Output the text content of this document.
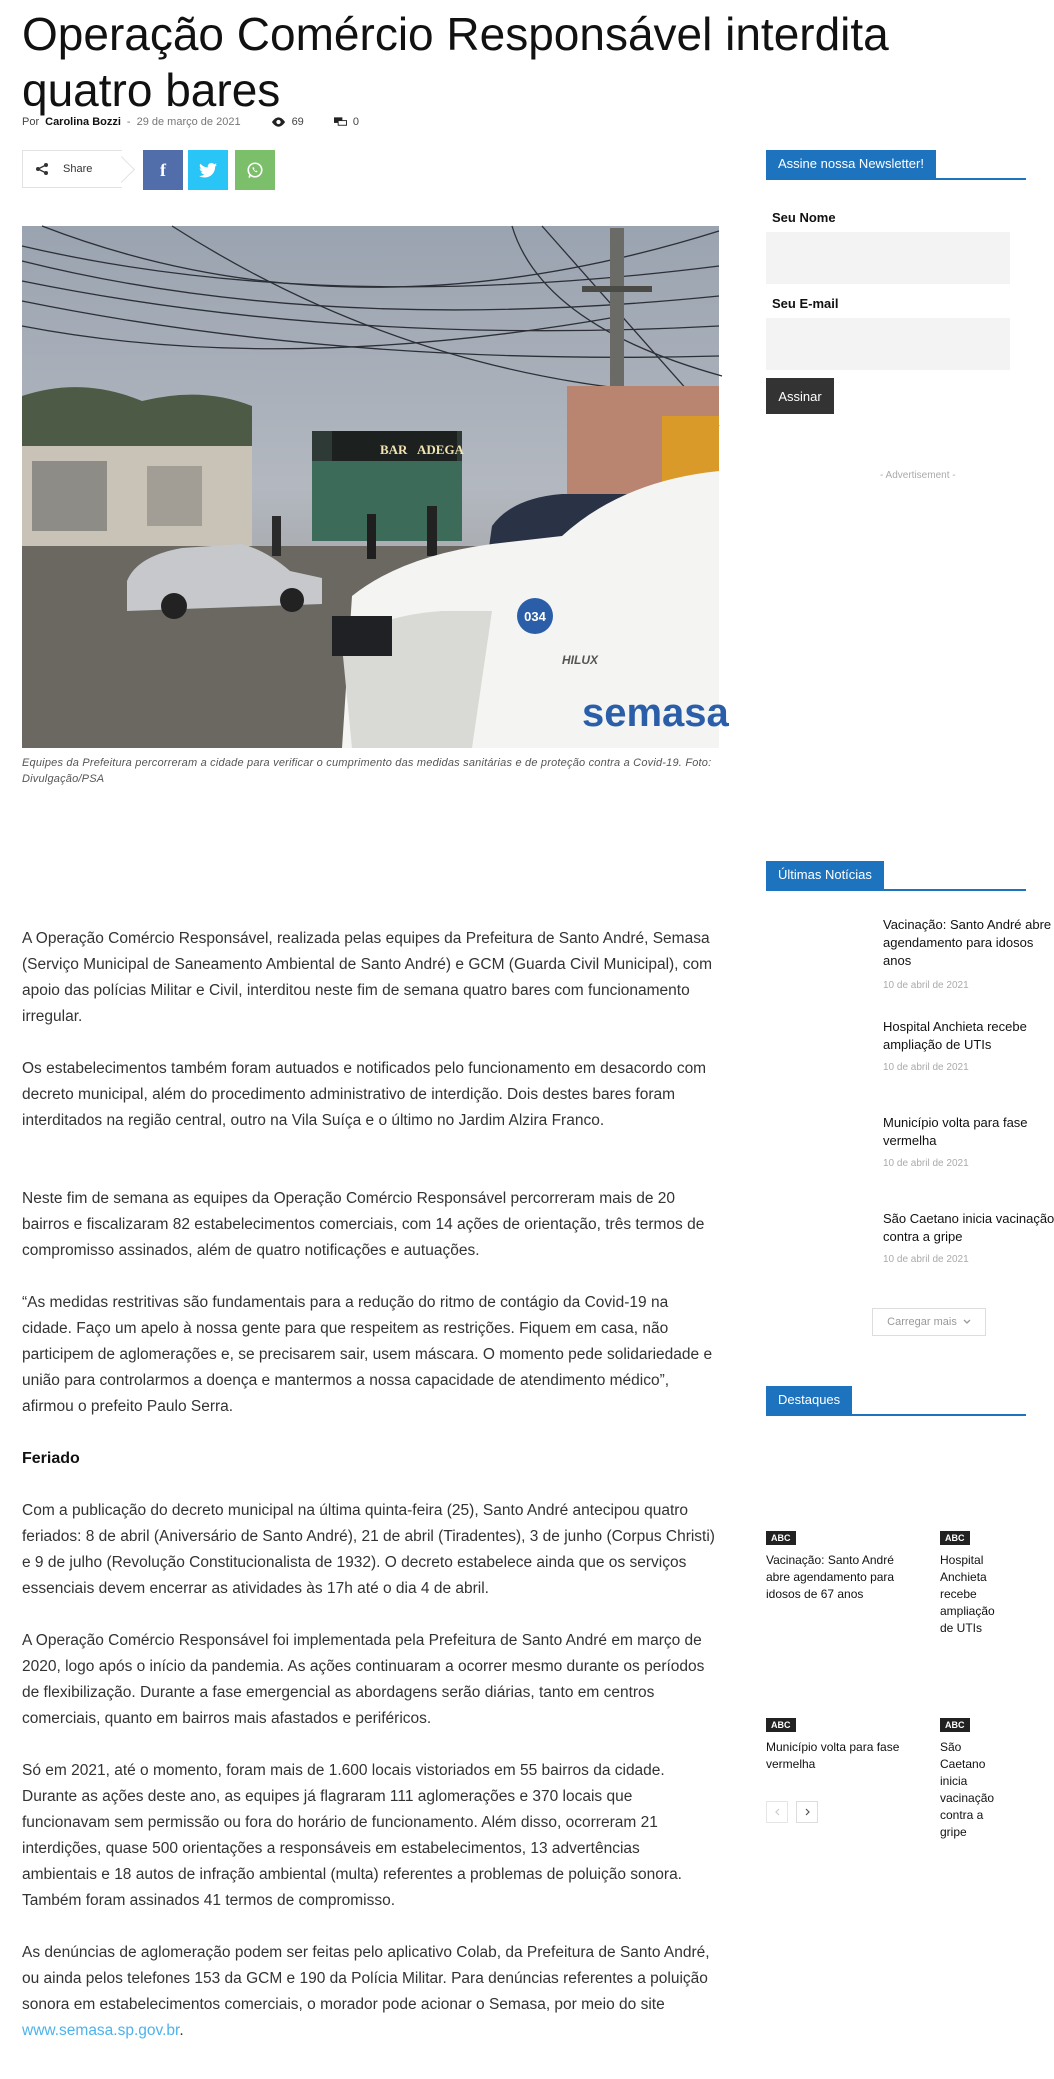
Operação Comércio Responsável interdita quatro bares
Por Carolina Bozzi - 29 de março de 2021	69	0
Share	f
BAR ADEGA
034
HILUX
semasa
Equipes da Prefeitura percorreram a cidade para verificar o cumprimento das medidas sanitárias e de proteção contra a Covid-19. Foto: Divulgação/PSA

A Operação Comércio Responsável, realizada pelas equipes da Prefeitura de Santo André, Semasa (Serviço Municipal de Saneamento Ambiental de Santo André) e GCM (Guarda Civil Municipal), com apoio das polícias Militar e Civil, interditou neste fim de semana quatro bares com funcionamento irregular.

Os estabelecimentos também foram autuados e notificados pelo funcionamento em desacordo com decreto municipal, além do procedimento administrativo de interdição. Dois destes bares foram interditados na região central, outro na Vila Suíça e o último no Jardim Alzira Franco.

Neste fim de semana as equipes da Operação Comércio Responsável percorreram mais de 20 bairros e fiscalizaram 82 estabelecimentos comerciais, com 14 ações de orientação, três termos de compromisso assinados, além de quatro notificações e autuações.

“As medidas restritivas são fundamentais para a redução do ritmo de contágio da Covid-19 na cidade. Faço um apelo à nossa gente para que respeitem as restrições. Fiquem em casa, não participem de aglomerações e, se precisarem sair, usem máscara. O momento pede solidariedade e união para controlarmos a doença e mantermos a nossa capacidade de atendimento médico”, afirmou o prefeito Paulo Serra.

Feriado

Com a publicação do decreto municipal na última quinta-feira (25), Santo André antecipou quatro feriados: 8 de abril (Aniversário de Santo André), 21 de abril (Tiradentes), 3 de junho (Corpus Christi) e 9 de julho (Revolução Constitucionalista de 1932). O decreto estabelece ainda que os serviços essenciais devem encerrar as atividades às 17h até o dia 4 de abril.

A Operação Comércio Responsável foi implementada pela Prefeitura de Santo André em março de 2020, logo após o início da pandemia. As ações continuaram a ocorrer mesmo durante os períodos de flexibilização. Durante a fase emergencial as abordagens serão diárias, tanto em centros comerciais, quanto em bairros mais afastados e periféricos.

Só em 2021, até o momento, foram mais de 1.600 locais vistoriados em 55 bairros da cidade. Durante as ações deste ano, as equipes já flagraram 111 aglomerações e 370 locais que funcionavam sem permissão ou fora do horário de funcionamento. Além disso, ocorreram 21 interdições, quase 500 orientações a responsáveis em estabelecimentos, 13 advertências ambientais e 18 autos de infração ambiental (multa) referentes a problemas de poluição sonora. Também foram assinados 41 termos de compromisso.

As denúncias de aglomeração podem ser feitas pelo aplicativo Colab, da Prefeitura de Santo André, ou ainda pelos telefones 153 da GCM e 190 da Polícia Militar. Para denúncias referentes a poluição sonora em estabelecimentos comerciais, o morador pode acionar o Semasa, por meio do site www.semasa.sp.gov.br.

Assine nossa Newsletter!
Seu Nome
Seu E-mail
Assinar
- Advertisement -
Últimas Notícias
Vacinação: Santo André abre
agendamento para idosos
anos
10 de abril de 2021
Hospital Anchieta recebe
ampliação de UTIs
10 de abril de 2021
Município volta para fase
vermelha
10 de abril de 2021
São Caetano inicia vacinação
contra a gripe
10 de abril de 2021
Carregar mais
Destaques
ABC
Vacinação: Santo André abre agendamento para idosos de 67 anos
ABC
Hospital Anchieta recebe ampliação de UTIs
ABC
Município volta para fase vermelha
ABC
São Caetano inicia vacinação contra a gripe
